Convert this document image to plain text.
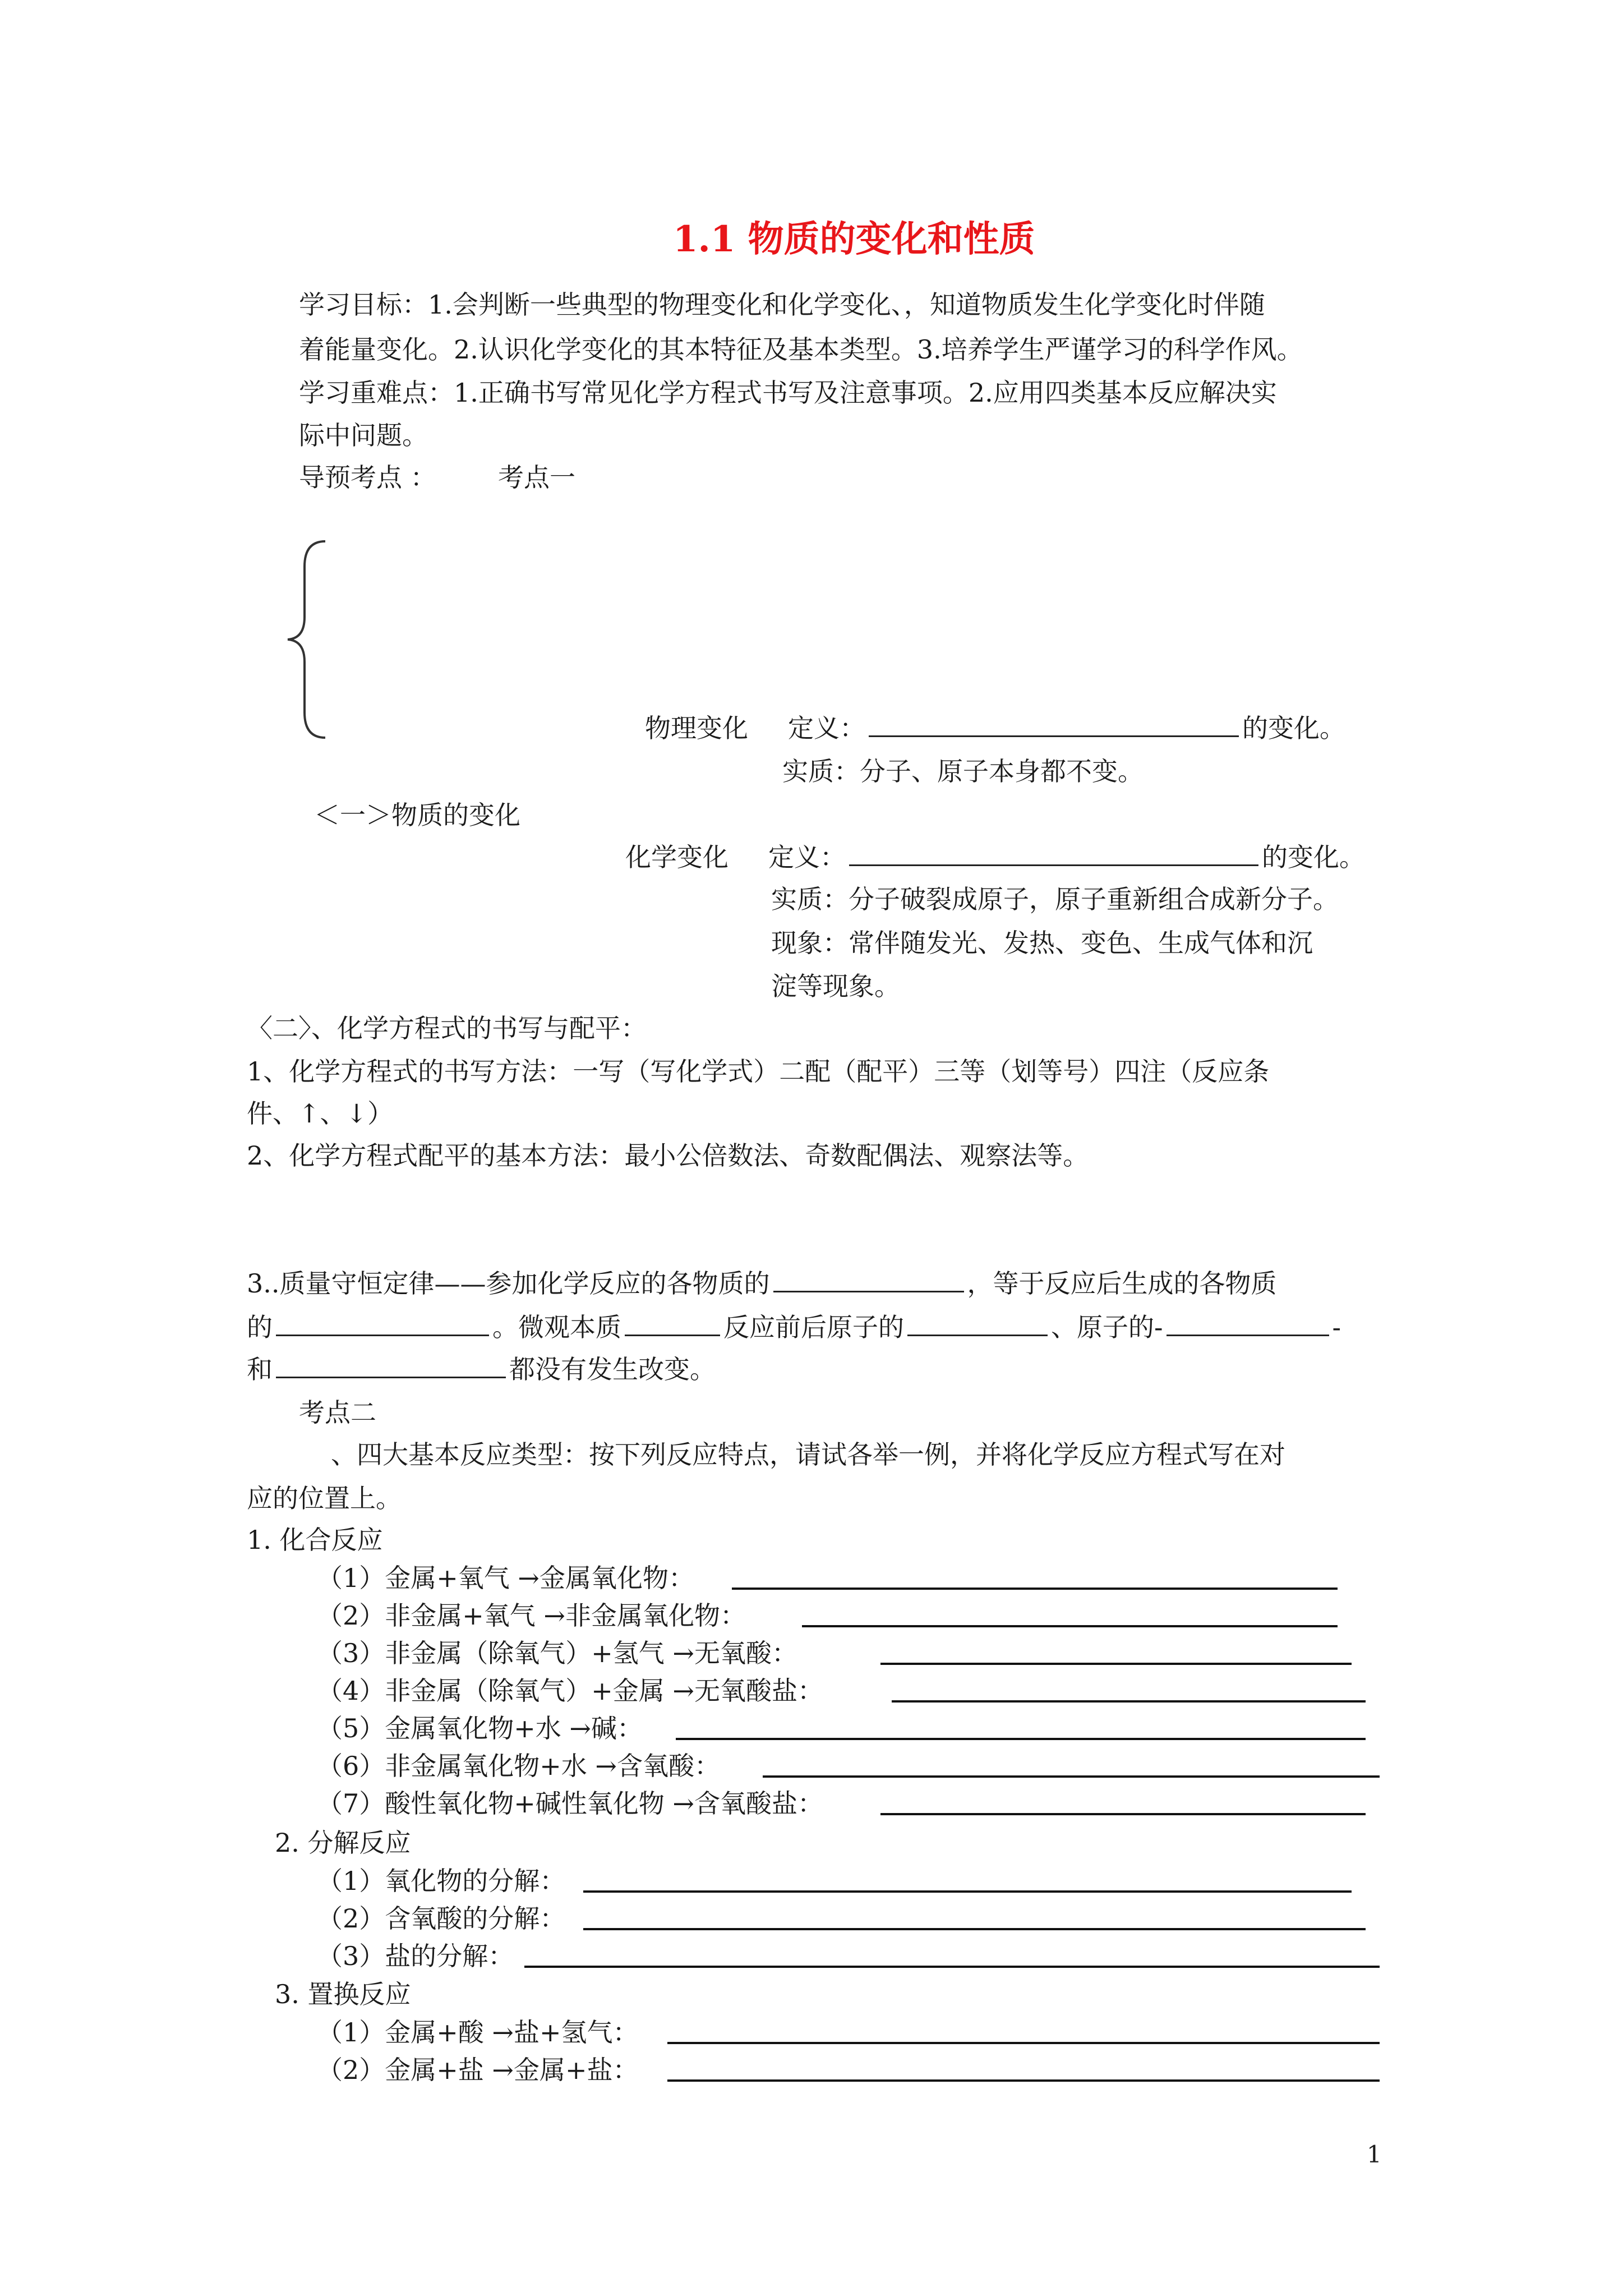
1.1 物质的变化和性质
学习目标：1.会判断一些典型的物理变化和化学变化、，知道物质发生化学变化时伴随
着能量变化。2.认识化学变化的其本特征及基本类型。3.培养学生严谨学习的科学作风。
学习重难点：1.正确书写常见化学方程式书写及注意事项。2.应用四类基本反应解决实
际中问题。
导预考点 ： 考点一
物理变化 定义：	的变化。
实质：分子、原子本身都不变。
＜一＞物质的变化
化学变化 定义：	的变化。
实质：分子破裂成原子，原子重新组合成新分子。
现象：常伴随发光、发热、变色、生成气体和沉
淀等现象。
〈二〉、化学方程式的书写与配平：
1、化学方程式的书写方法：一写（写化学式）二配（配平）三等（划等号）四注（反应条
件、↑、↓）
2、化学方程式配平的基本方法：最小公倍数法、奇数配偶法、观察法等。
3..质量守恒定律——参加化学反应的各物质的	，等于反应后生成的各物质
的	。微观本质	反应前后原子的	、原子的-	-
和	都没有发生改变。
考点二
、四大基本反应类型：按下列反应特点，请试各举一例，并将化学反应方程式写在对
应的位置上。
1. 化合反应
（1）金属+氧气 →金属氧化物：
（2）非金属+氧气 →非金属氧化物：
（3）非金属（除氧气）+氢气 →无氧酸：
（4）非金属（除氧气）+金属 →无氧酸盐：
（5）金属氧化物+水 →碱：
（6）非金属氧化物+水 →含氧酸：
（7）酸性氧化物+碱性氧化物 →含氧酸盐：
2. 分解反应
（1）氧化物的分解：
（2）含氧酸的分解：
（3）盐的分解：
3. 置换反应
（1）金属+酸 →盐+氢气：
（2）金属+盐 →金属+盐：
1
